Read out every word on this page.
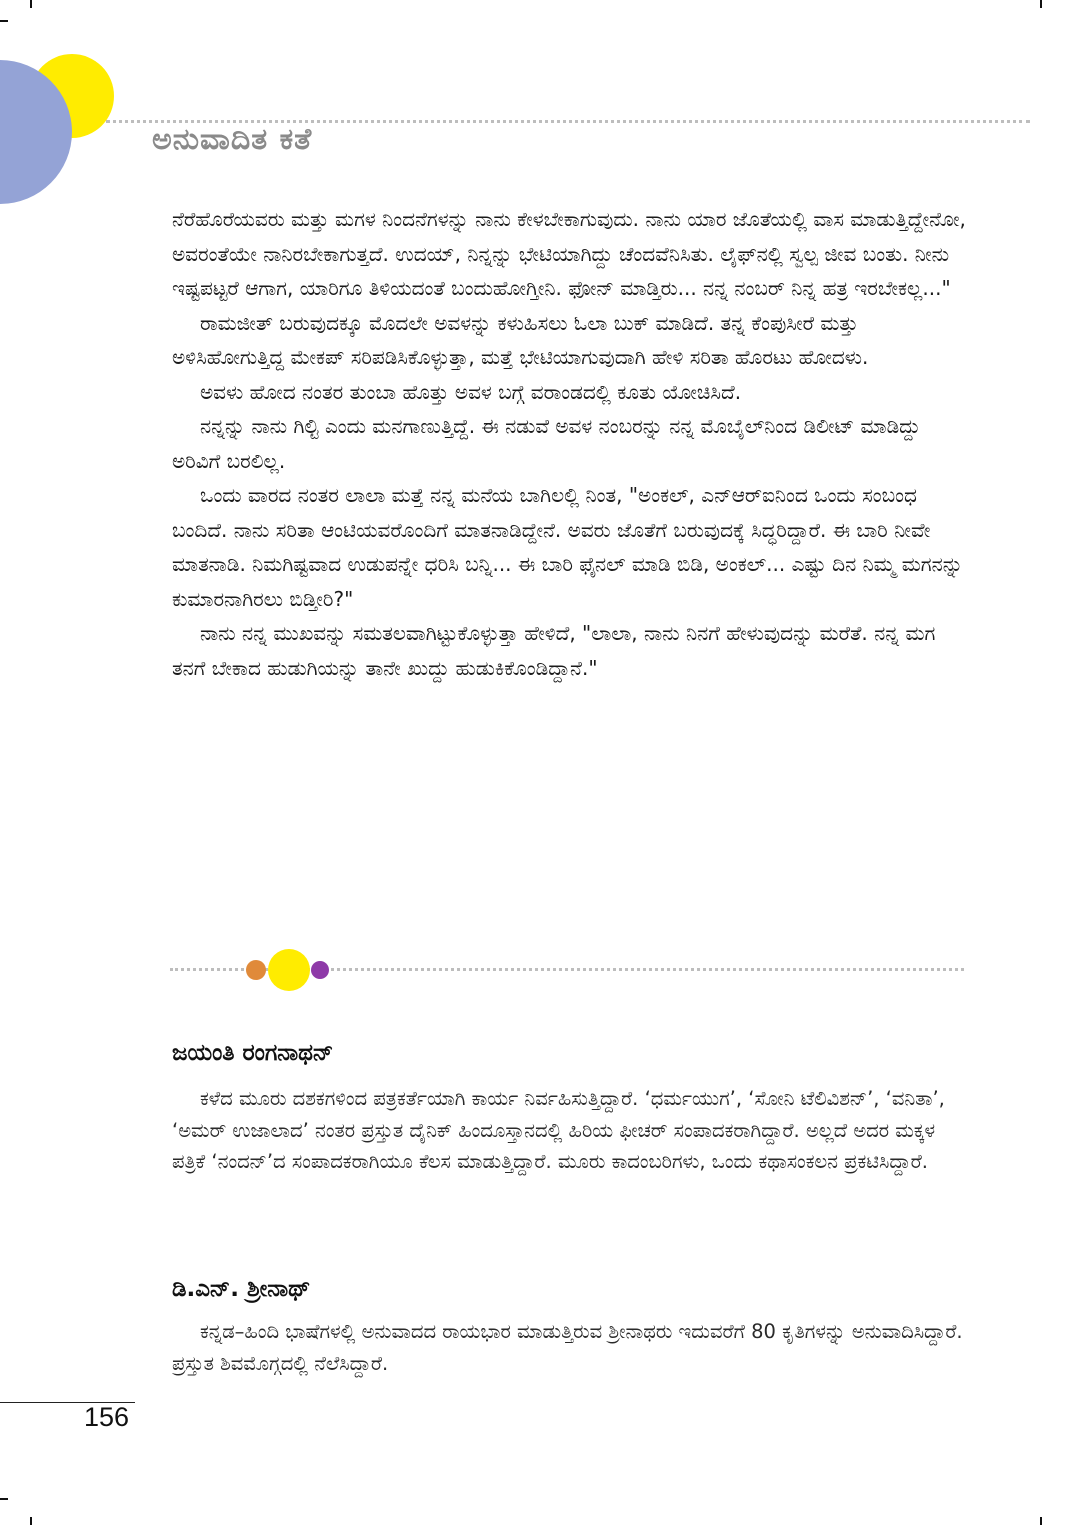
ಅನುವಾದಿತ ಕತೆ

ನೆರೆಹೊರೆಯವರು ಮತ್ತು ಮಗಳ ನಿಂದನೆಗಳನ್ನು ನಾನು ಕೇಳಬೇಕಾಗುವುದು. ನಾನು ಯಾರ ಜೊತೆಯಲ್ಲಿ ವಾಸ ಮಾಡುತ್ತಿದ್ದೇನೋ, ಅವರಂತೆಯೇ ನಾನಿರಬೇಕಾಗುತ್ತದೆ. ಉದಯ್, ನಿನ್ನನ್ನು ಭೇಟಿಯಾಗಿದ್ದು ಚೆಂದವೆನಿಸಿತು. ಲೈಫ್‌ನಲ್ಲಿ ಸ್ವಲ್ಪ ಜೀವ ಬಂತು. ನೀನು ಇಷ್ಟಪಟ್ಟರೆ ಆಗಾಗ, ಯಾರಿಗೂ ತಿಳಿಯದಂತೆ ಬಂದುಹೋಗ್ತೀನಿ. ಫೋನ್ ಮಾಡ್ತಿರು... ನನ್ನ ನಂಬರ್ ನಿನ್ನ ಹತ್ರ ಇರಬೇಕಲ್ಲ..."

ರಾಮಜೀತ್ ಬರುವುದಕ್ಕೂ ಮೊದಲೇ ಅವಳನ್ನು ಕಳುಹಿಸಲು ಓಲಾ ಬುಕ್ ಮಾಡಿದೆ. ತನ್ನ ಕೆಂಪುಸೀರೆ ಮತ್ತು ಅಳಿಸಿಹೋಗುತ್ತಿದ್ದ ಮೇಕಪ್ ಸರಿಪಡಿಸಿಕೊಳ್ಳುತ್ತಾ, ಮತ್ತೆ ಭೇಟಿಯಾಗುವುದಾಗಿ ಹೇಳಿ ಸರಿತಾ ಹೊರಟು ಹೋದಳು.

ಅವಳು ಹೋದ ನಂತರ ತುಂಬಾ ಹೊತ್ತು ಅವಳ ಬಗ್ಗೆ ವರಾಂಡದಲ್ಲಿ ಕೂತು ಯೋಚಿಸಿದೆ.

ನನ್ನನ್ನು ನಾನು ಗಿಲ್ಟಿ ಎಂದು ಮನಗಾಣುತ್ತಿದ್ದೆ. ಈ ನಡುವೆ ಅವಳ ನಂಬರನ್ನು ನನ್ನ ಮೊಬೈಲ್‌ನಿಂದ ಡಿಲೀಟ್ ಮಾಡಿದ್ದು ಅರಿವಿಗೆ ಬರಲಿಲ್ಲ.

ಒಂದು ವಾರದ ನಂತರ ಲಾಲಾ ಮತ್ತೆ ನನ್ನ ಮನೆಯ ಬಾಗಿಲಲ್ಲಿ ನಿಂತ, "ಅಂಕಲ್, ಎನ್‌ಆರ್‌ಐನಿಂದ ಒಂದು ಸಂಬಂಧ ಬಂದಿದೆ. ನಾನು ಸರಿತಾ ಆಂಟಿಯವರೊಂದಿಗೆ ಮಾತನಾಡಿದ್ದೇನೆ. ಅವರು ಜೊತೆಗೆ ಬರುವುದಕ್ಕೆ ಸಿದ್ಧರಿದ್ದಾರೆ. ಈ ಬಾರಿ ನೀವೇ ಮಾತನಾಡಿ. ನಿಮಗಿಷ್ಟವಾದ ಉಡುಪನ್ನೇ ಧರಿಸಿ ಬನ್ನಿ... ಈ ಬಾರಿ ಫೈನಲ್ ಮಾಡಿ ಬಿಡಿ, ಅಂಕಲ್... ಎಷ್ಟು ದಿನ ನಿಮ್ಮ ಮಗನನ್ನು ಕುಮಾರನಾಗಿರಲು ಬಿಡ್ತೀರಿ?"

ನಾನು ನನ್ನ ಮುಖವನ್ನು ಸಮತಲವಾಗಿಟ್ಟುಕೊಳ್ಳುತ್ತಾ ಹೇಳಿದೆ, "ಲಾಲಾ, ನಾನು ನಿನಗೆ ಹೇಳುವುದನ್ನು ಮರೆತೆ. ನನ್ನ ಮಗ ತನಗೆ ಬೇಕಾದ ಹುಡುಗಿಯನ್ನು ತಾನೇ ಖುದ್ದು ಹುಡುಕಿಕೊಂಡಿದ್ದಾನೆ."

ಜಯಂತಿ ರಂಗನಾಥನ್

ಕಳೆದ ಮೂರು ದಶಕಗಳಿಂದ ಪತ್ರಕರ್ತೆಯಾಗಿ ಕಾರ್ಯ ನಿರ್ವಹಿಸುತ್ತಿದ್ದಾರೆ. ‘ಧರ್ಮಯುಗ’, ‘ಸೋನಿ ಟೆಲಿವಿಶನ್’, ‘ವನಿತಾ’, ‘ಅಮರ್ ಉಜಾಲಾದ’ ನಂತರ ಪ್ರಸ್ತುತ ದೈನಿಕ್ ಹಿಂದೂಸ್ತಾನದಲ್ಲಿ ಹಿರಿಯ ಫೀಚರ್ ಸಂಪಾದಕರಾಗಿದ್ದಾರೆ. ಅಲ್ಲದೆ ಅದರ ಮಕ್ಕಳ ಪತ್ರಿಕೆ ‘ನಂದನ್’ದ ಸಂಪಾದಕರಾಗಿಯೂ ಕೆಲಸ ಮಾಡುತ್ತಿದ್ದಾರೆ. ಮೂರು ಕಾದಂಬರಿಗಳು, ಒಂದು ಕಥಾಸಂಕಲನ ಪ್ರಕಟಿಸಿದ್ದಾರೆ.

ಡಿ.ಎನ್. ಶ್ರೀನಾಥ್

ಕನ್ನಡ–ಹಿಂದಿ ಭಾಷೆಗಳಲ್ಲಿ ಅನುವಾದದ ರಾಯಭಾರ ಮಾಡುತ್ತಿರುವ ಶ್ರೀನಾಥರು ಇದುವರೆಗೆ 80 ಕೃತಿಗಳನ್ನು ಅನುವಾದಿಸಿದ್ದಾರೆ. ಪ್ರಸ್ತುತ ಶಿವಮೊಗ್ಗದಲ್ಲಿ ನೆಲೆಸಿದ್ದಾರೆ.

156
